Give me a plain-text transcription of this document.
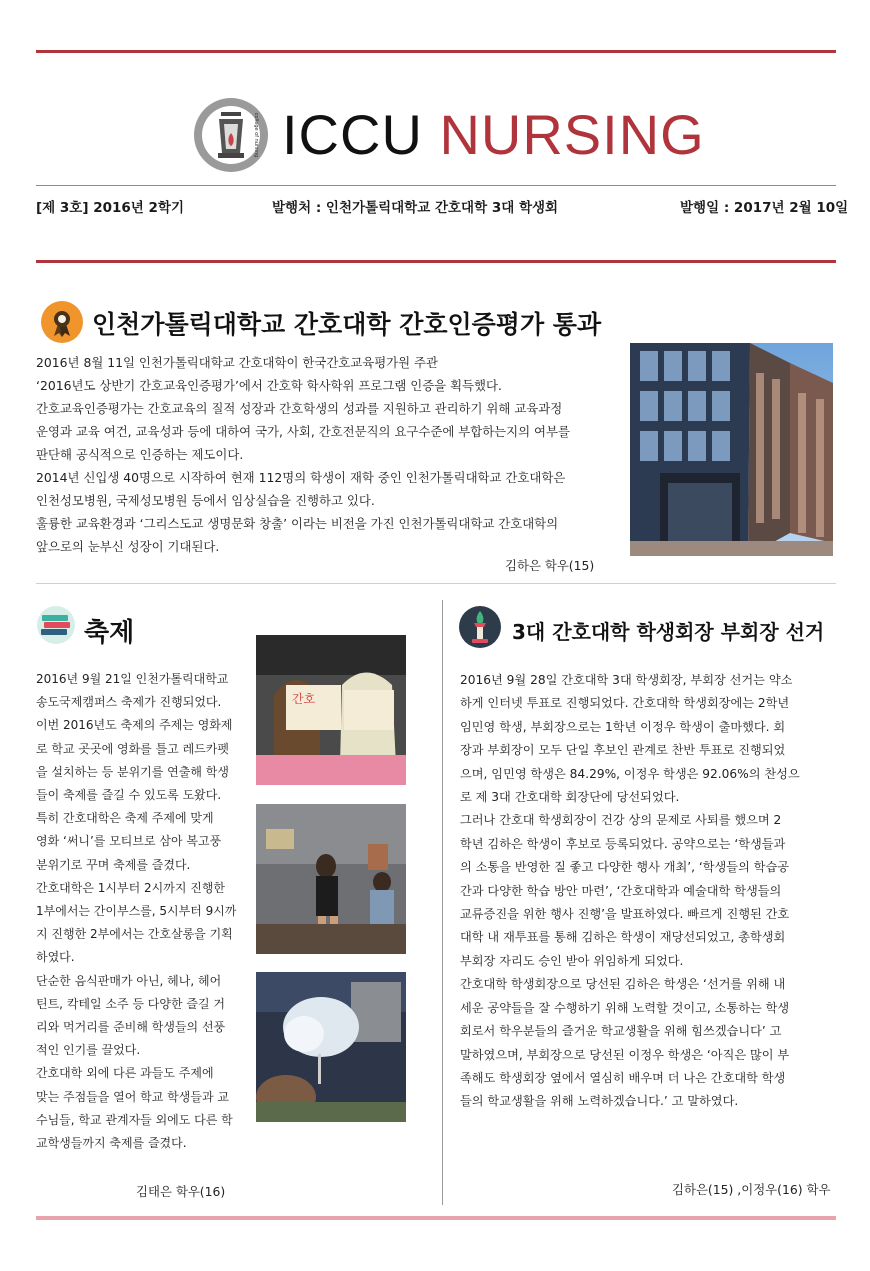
college of nursing ICCU NURSING
[제 3호] 2016년 2학기	발행처 : 인천가톨릭대학교 간호대학 3대 학생회	발행일 : 2017년 2월 10일
인천가톨릭대학교 간호대학 간호인증평가 통과
2016년 8월 11일 인천가톨릭대학교 간호대학이 한국간호교육평가원 주관
‘2016년도 상반기 간호교육인증평가’에서 간호학 학사학위 프로그램 인증을 획득했다.
간호교육인증평가는 간호교육의 질적 성장과 간호학생의 성과를 지원하고 관리하기 위해 교육과정
운영과 교육 여건, 교육성과 등에 대하여 국가, 사회, 간호전문직의 요구수준에 부합하는지의 여부를
판단해 공식적으로 인증하는 제도이다.
2014년 신입생 40명으로 시작하여 현재 112명의 학생이 재학 중인 인천가톨릭대학교 간호대학은
인천성모병원, 국제성모병원 등에서 임상실습을 진행하고 있다.
훌륭한 교육환경과 ‘그리스도교 생명문화 창출’ 이라는 비전을 가진 인천가톨릭대학교 간호대학의
앞으로의 눈부신 성장이 기대된다.
김하은 학우(15)
축제
2016년 9월 21일 인천가톨릭대학교
송도국제캠퍼스 축제가 진행되었다.
이번 2016년도 축제의 주제는 영화제
로 학교 곳곳에 영화를 틀고 레드카펫
을 설치하는 등 분위기를 연출해 학생
들이 축제를 즐길 수 있도록 도왔다.
특히 간호대학은 축제 주제에 맞게
영화 ‘써니’를 모티브로 삼아 복고풍
분위기로 꾸며 축제를 즐겼다.
간호대학은 1시부터 2시까지 진행한
1부에서는 간이부스를, 5시부터 9시까
지 진행한 2부에서는 간호살롱을 기획
하였다.
단순한 음식판매가 아닌, 헤나, 헤어
틴트, 칵테일 소주 등 다양한 즐길 거
리와 먹거리를 준비해 학생들의 선풍
적인 인기를 끌었다.
간호대학 외에 다른 과들도 주제에
맞는 주점들을 열어 학교 학생들과 교
수님들, 학교 관계자들 외에도 다른 학
교학생들까지 축제를 즐겼다.
김태은 학우(16)
간호
3대 간호대학 학생회장 부회장 선거
2016년 9월 28일 간호대학 3대 학생회장, 부회장 선거는 약소
하게 인터넷 투표로 진행되었다. 간호대학 학생회장에는 2학년
임민영 학생, 부회장으로는 1학년 이정우 학생이 출마했다. 회
장과 부회장이 모두 단일 후보인 관계로 찬반 투표로 진행되었
으며, 임민영 학생은 84.29%, 이정우 학생은 92.06%의 찬성으
로 제 3대 간호대학 회장단에 당선되었다.
그러나 간호대 학생회장이 건강 상의 문제로 사퇴를 했으며 2
학년 김하은 학생이 후보로 등록되었다. 공약으로는 ‘학생들과
의 소통을 반영한 질 좋고 다양한 행사 개최’, ‘학생들의 학습공
간과 다양한 학습 방안 마련’, ‘간호대학과 예술대학 학생들의
교류증진을 위한 행사 진행’을 발표하였다. 빠르게 진행된 간호
대학 내 재투표를 통해 김하은 학생이 재당선되었고, 총학생회
부회장 자리도 승인 받아 위임하게 되었다.
간호대학 학생회장으로 당선된 김하은 학생은 ‘선거를 위해 내
세운 공약들을 잘 수행하기 위해 노력할 것이고, 소통하는 학생
회로서 학우분들의 즐거운 학교생활을 위해 힘쓰겠습니다’ 고
말하였으며, 부회장으로 당선된 이정우 학생은 ‘아직은 많이 부
족해도 학생회장 옆에서 열심히 배우며 더 나은 간호대학 학생
들의 학교생활을 위해 노력하겠습니다.’ 고 말하였다.
김하은(15) ,이정우(16) 학우
